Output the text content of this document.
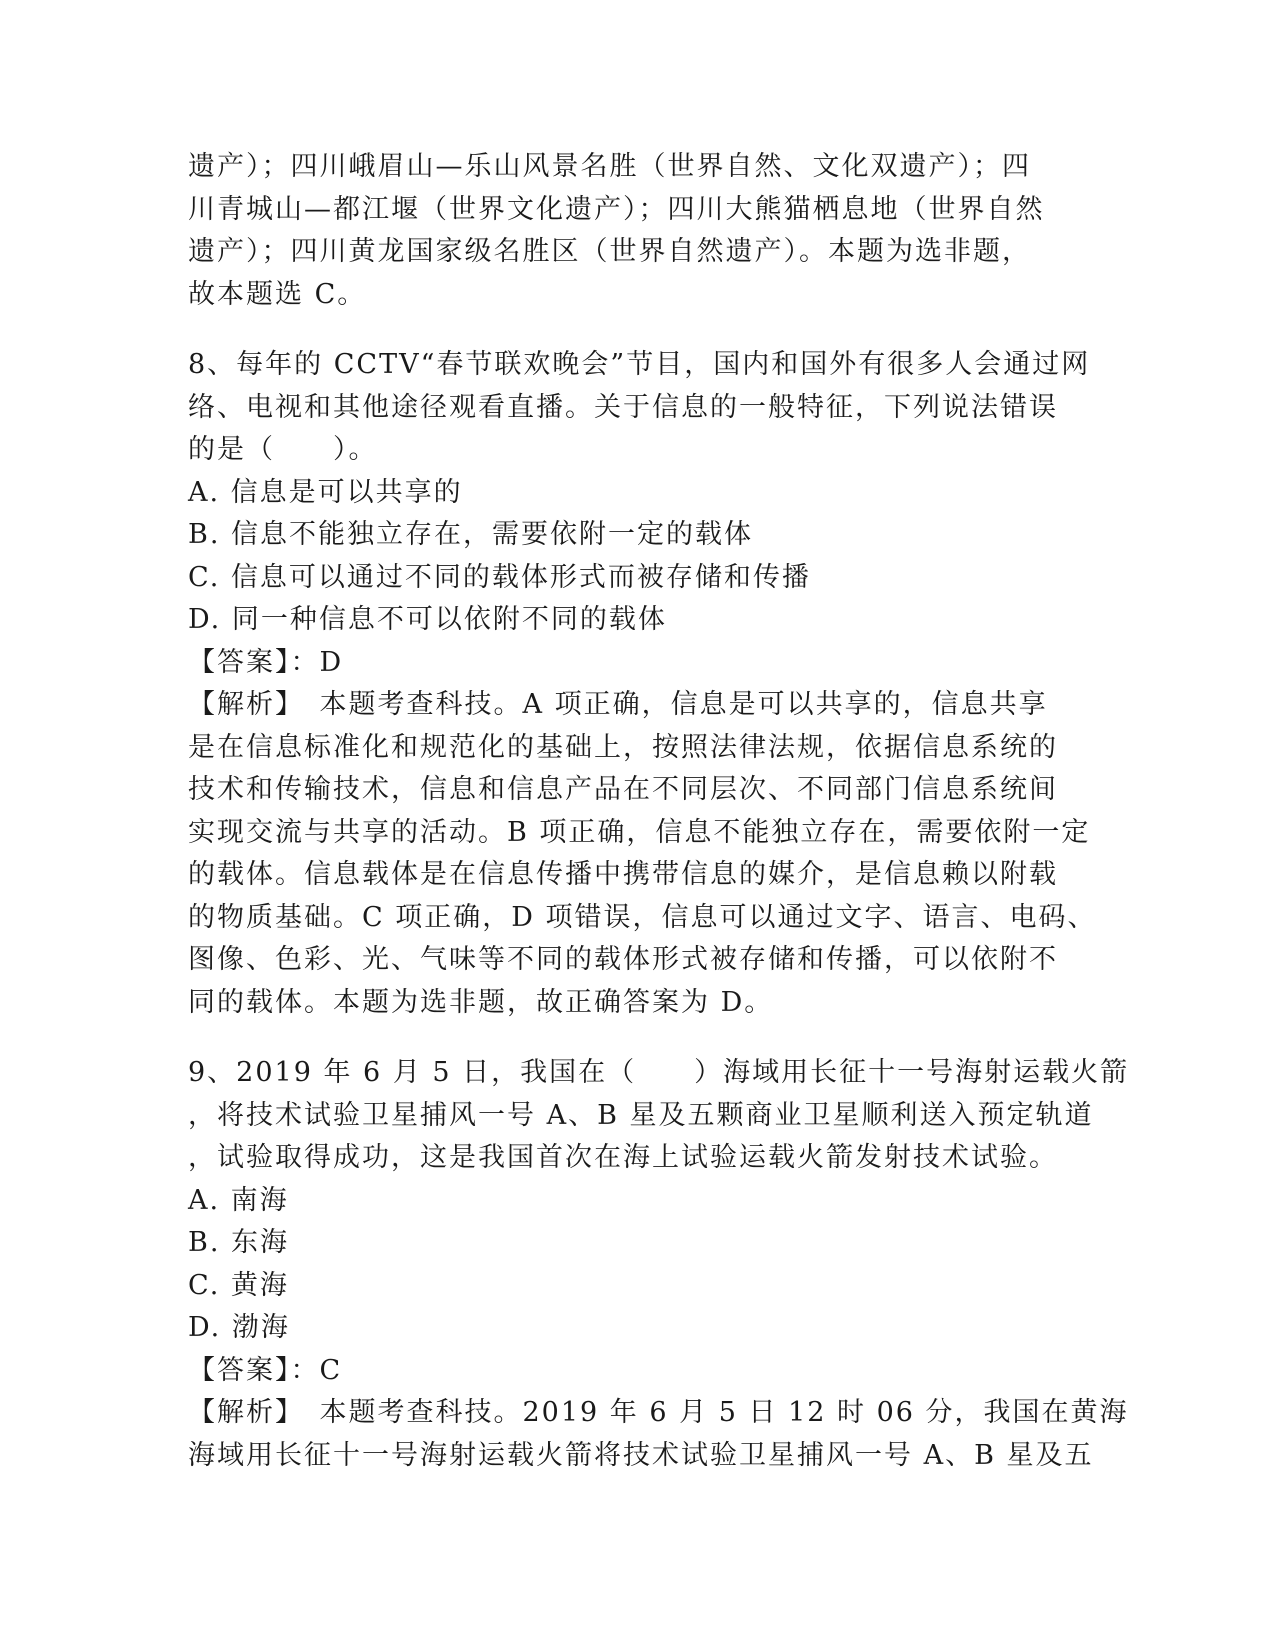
遗产）；四川峨眉山—乐山风景名胜（世界自然、文化双遗产）；四
川青城山—都江堰（世界文化遗产）；四川大熊猫栖息地（世界自然
遗产）；四川黄龙国家级名胜区（世界自然遗产）。本题为选非题，
故本题选 C。
8、每年的 CCTV“春节联欢晚会”节目，国内和国外有很多人会通过网
络、电视和其他途径观看直播。关于信息的一般特征，下列说法错误
的是（　　）。
A. 信息是可以共享的
B. 信息不能独立存在，需要依附一定的载体
C. 信息可以通过不同的载体形式而被存储和传播
D. 同一种信息不可以依附不同的载体
【答案】：D
【解析】　本题考查科技。A 项正确，信息是可以共享的，信息共享
是在信息标准化和规范化的基础上，按照法律法规，依据信息系统的
技术和传输技术，信息和信息产品在不同层次、不同部门信息系统间
实现交流与共享的活动。B 项正确，信息不能独立存在，需要依附一定
的载体。信息载体是在信息传播中携带信息的媒介，是信息赖以附载
的物质基础。C 项正确，D 项错误，信息可以通过文字、语言、电码、
图像、色彩、光、气味等不同的载体形式被存储和传播，可以依附不
同的载体。本题为选非题，故正确答案为 D。
9、2019 年 6 月 5 日，我国在（　　）海域用长征十一号海射运载火箭
，将技术试验卫星捕风一号 A、B 星及五颗商业卫星顺利送入预定轨道
，试验取得成功，这是我国首次在海上试验运载火箭发射技术试验。
A. 南海
B. 东海
C. 黄海
D. 渤海
【答案】：C
【解析】　本题考查科技。2019 年 6 月 5 日 12 时 06 分，我国在黄海
海域用长征十一号海射运载火箭将技术试验卫星捕风一号 A、B 星及五
